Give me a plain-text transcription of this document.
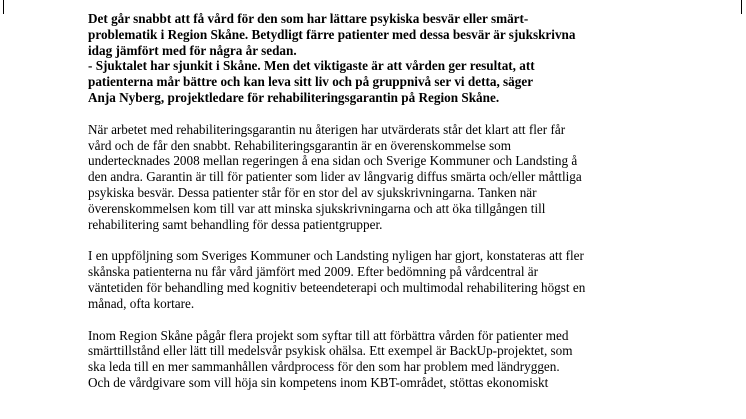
Det går snabbt att få vård för den som har lättare psykiska besvär eller smärt-
problematik i Region Skåne. Betydligt färre patienter med dessa besvär är sjukskrivna
idag jämfört med för några år sedan.
- Sjuktalet har sjunkit i Skåne. Men det viktigaste är att vården ger resultat, att
patienterna mår bättre och kan leva sitt liv och på gruppnivå ser vi detta, säger
Anja Nyberg, projektledare för rehabiliteringsgarantin på Region Skåne.

När arbetet med rehabiliteringsgarantin nu återigen har utvärderats står det klart att fler får
vård och de får den snabbt. Rehabiliteringsgarantin är en överenskommelse som
undertecknades 2008 mellan regeringen å ena sidan och Sverige Kommuner och Landsting å
den andra. Garantin är till för patienter som lider av långvarig diffus smärta och/eller måttliga
psykiska besvär. Dessa patienter står för en stor del av sjukskrivningarna. Tanken när
överenskommelsen kom till var att minska sjukskrivningarna och att öka tillgången till
rehabilitering samt behandling för dessa patientgrupper.

I en uppföljning som Sveriges Kommuner och Landsting nyligen har gjort, konstateras att fler
skånska patienterna nu får vård jämfört med 2009. Efter bedömning på vårdcentral är
väntetiden för behandling med kognitiv beteendeterapi och multimodal rehabilitering högst en
månad, ofta kortare.

Inom Region Skåne pågår flera projekt som syftar till att förbättra vården för patienter med
smärttillstånd eller lätt till medelsvår psykisk ohälsa. Ett exempel är BackUp-projektet, som
ska leda till en mer sammanhållen vårdprocess för den som har problem med ländryggen.
Och de vårdgivare som vill höja sin kompetens inom KBT-området, stöttas ekonomiskt
